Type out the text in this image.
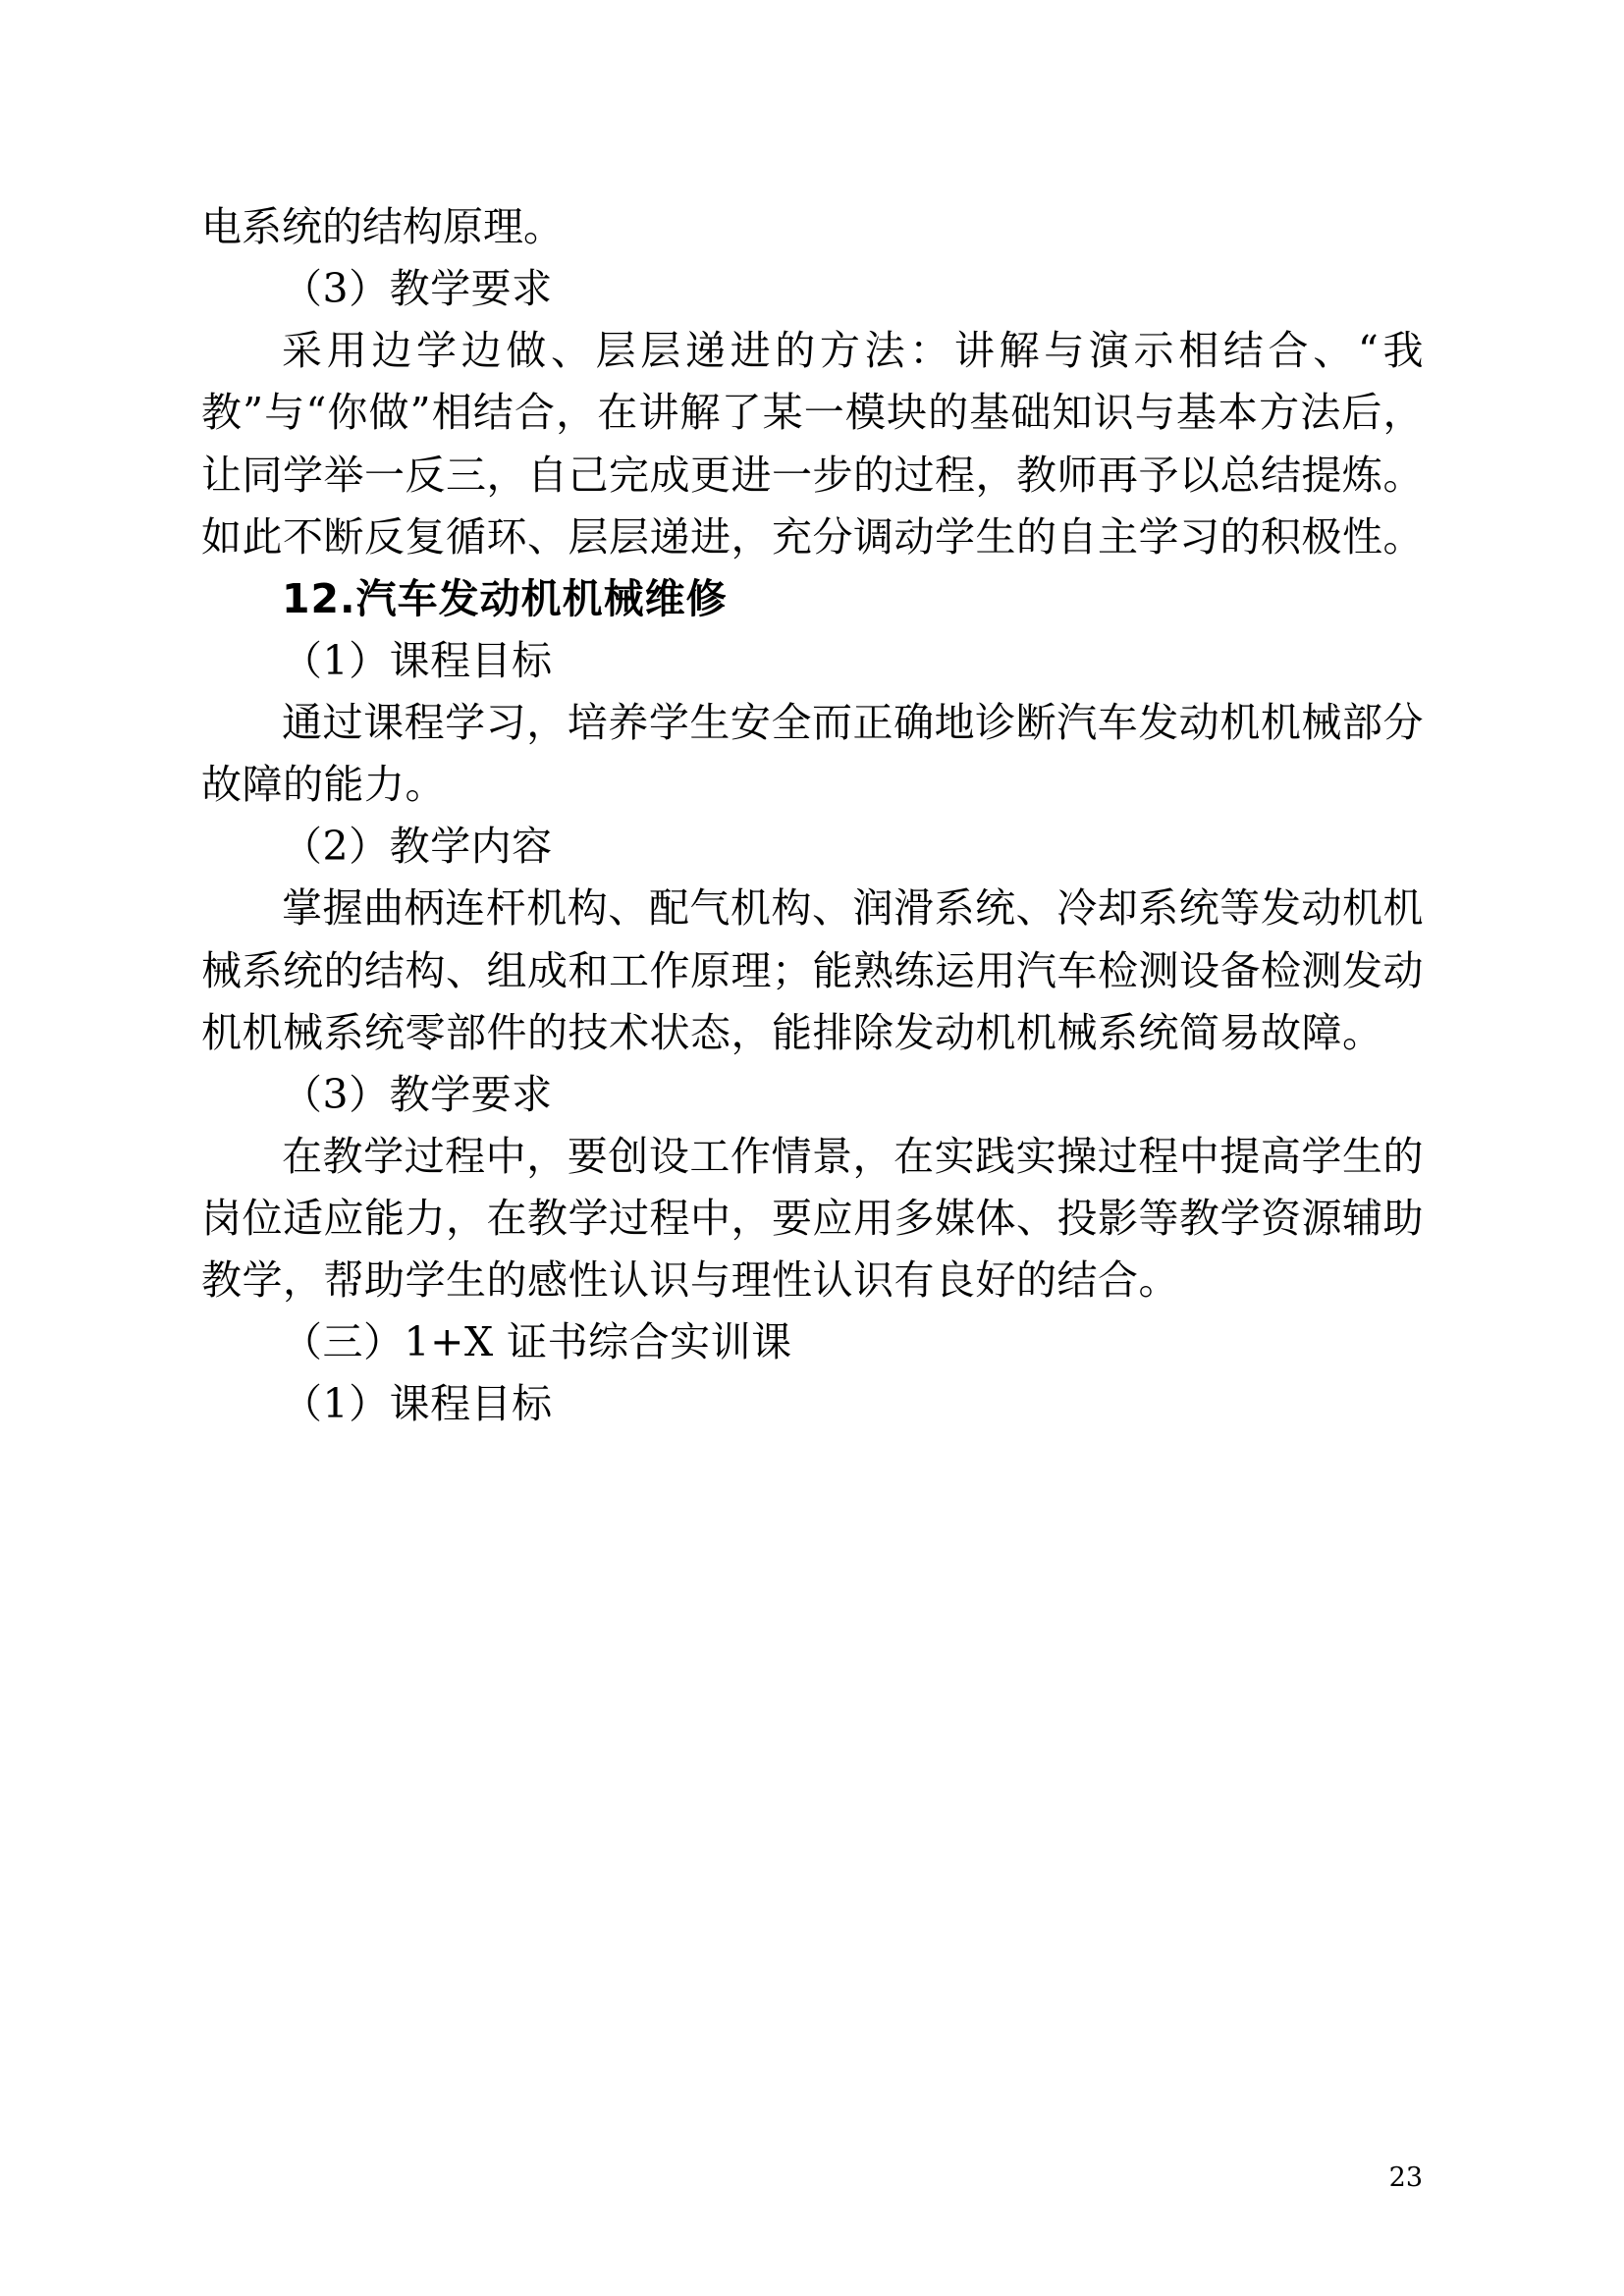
电系统的结构原理。

（3）教学要求

采用边学边做、层层递进的方法：讲解与演示相结合、“我教”与“你做”相结合，在讲解了某一模块的基础知识与基本方法后，让同学举一反三，自己完成更进一步的过程，教师再予以总结提炼。如此不断反复循环、层层递进，充分调动学生的自主学习的积极性。

12.汽车发动机机械维修

（1）课程目标

通过课程学习，培养学生安全而正确地诊断汽车发动机机械部分故障的能力。

（2）教学内容

掌握曲柄连杆机构、配气机构、润滑系统、冷却系统等发动机机械系统的结构、组成和工作原理；能熟练运用汽车检测设备检测发动机机械系统零部件的技术状态，能排除发动机机械系统简易故障。

（3）教学要求

在教学过程中，要创设工作情景，在实践实操过程中提高学生的岗位适应能力，在教学过程中，要应用多媒体、投影等教学资源辅助教学，帮助学生的感性认识与理性认识有良好的结合。

（三）1+X 证书综合实训课

（1）课程目标

23
